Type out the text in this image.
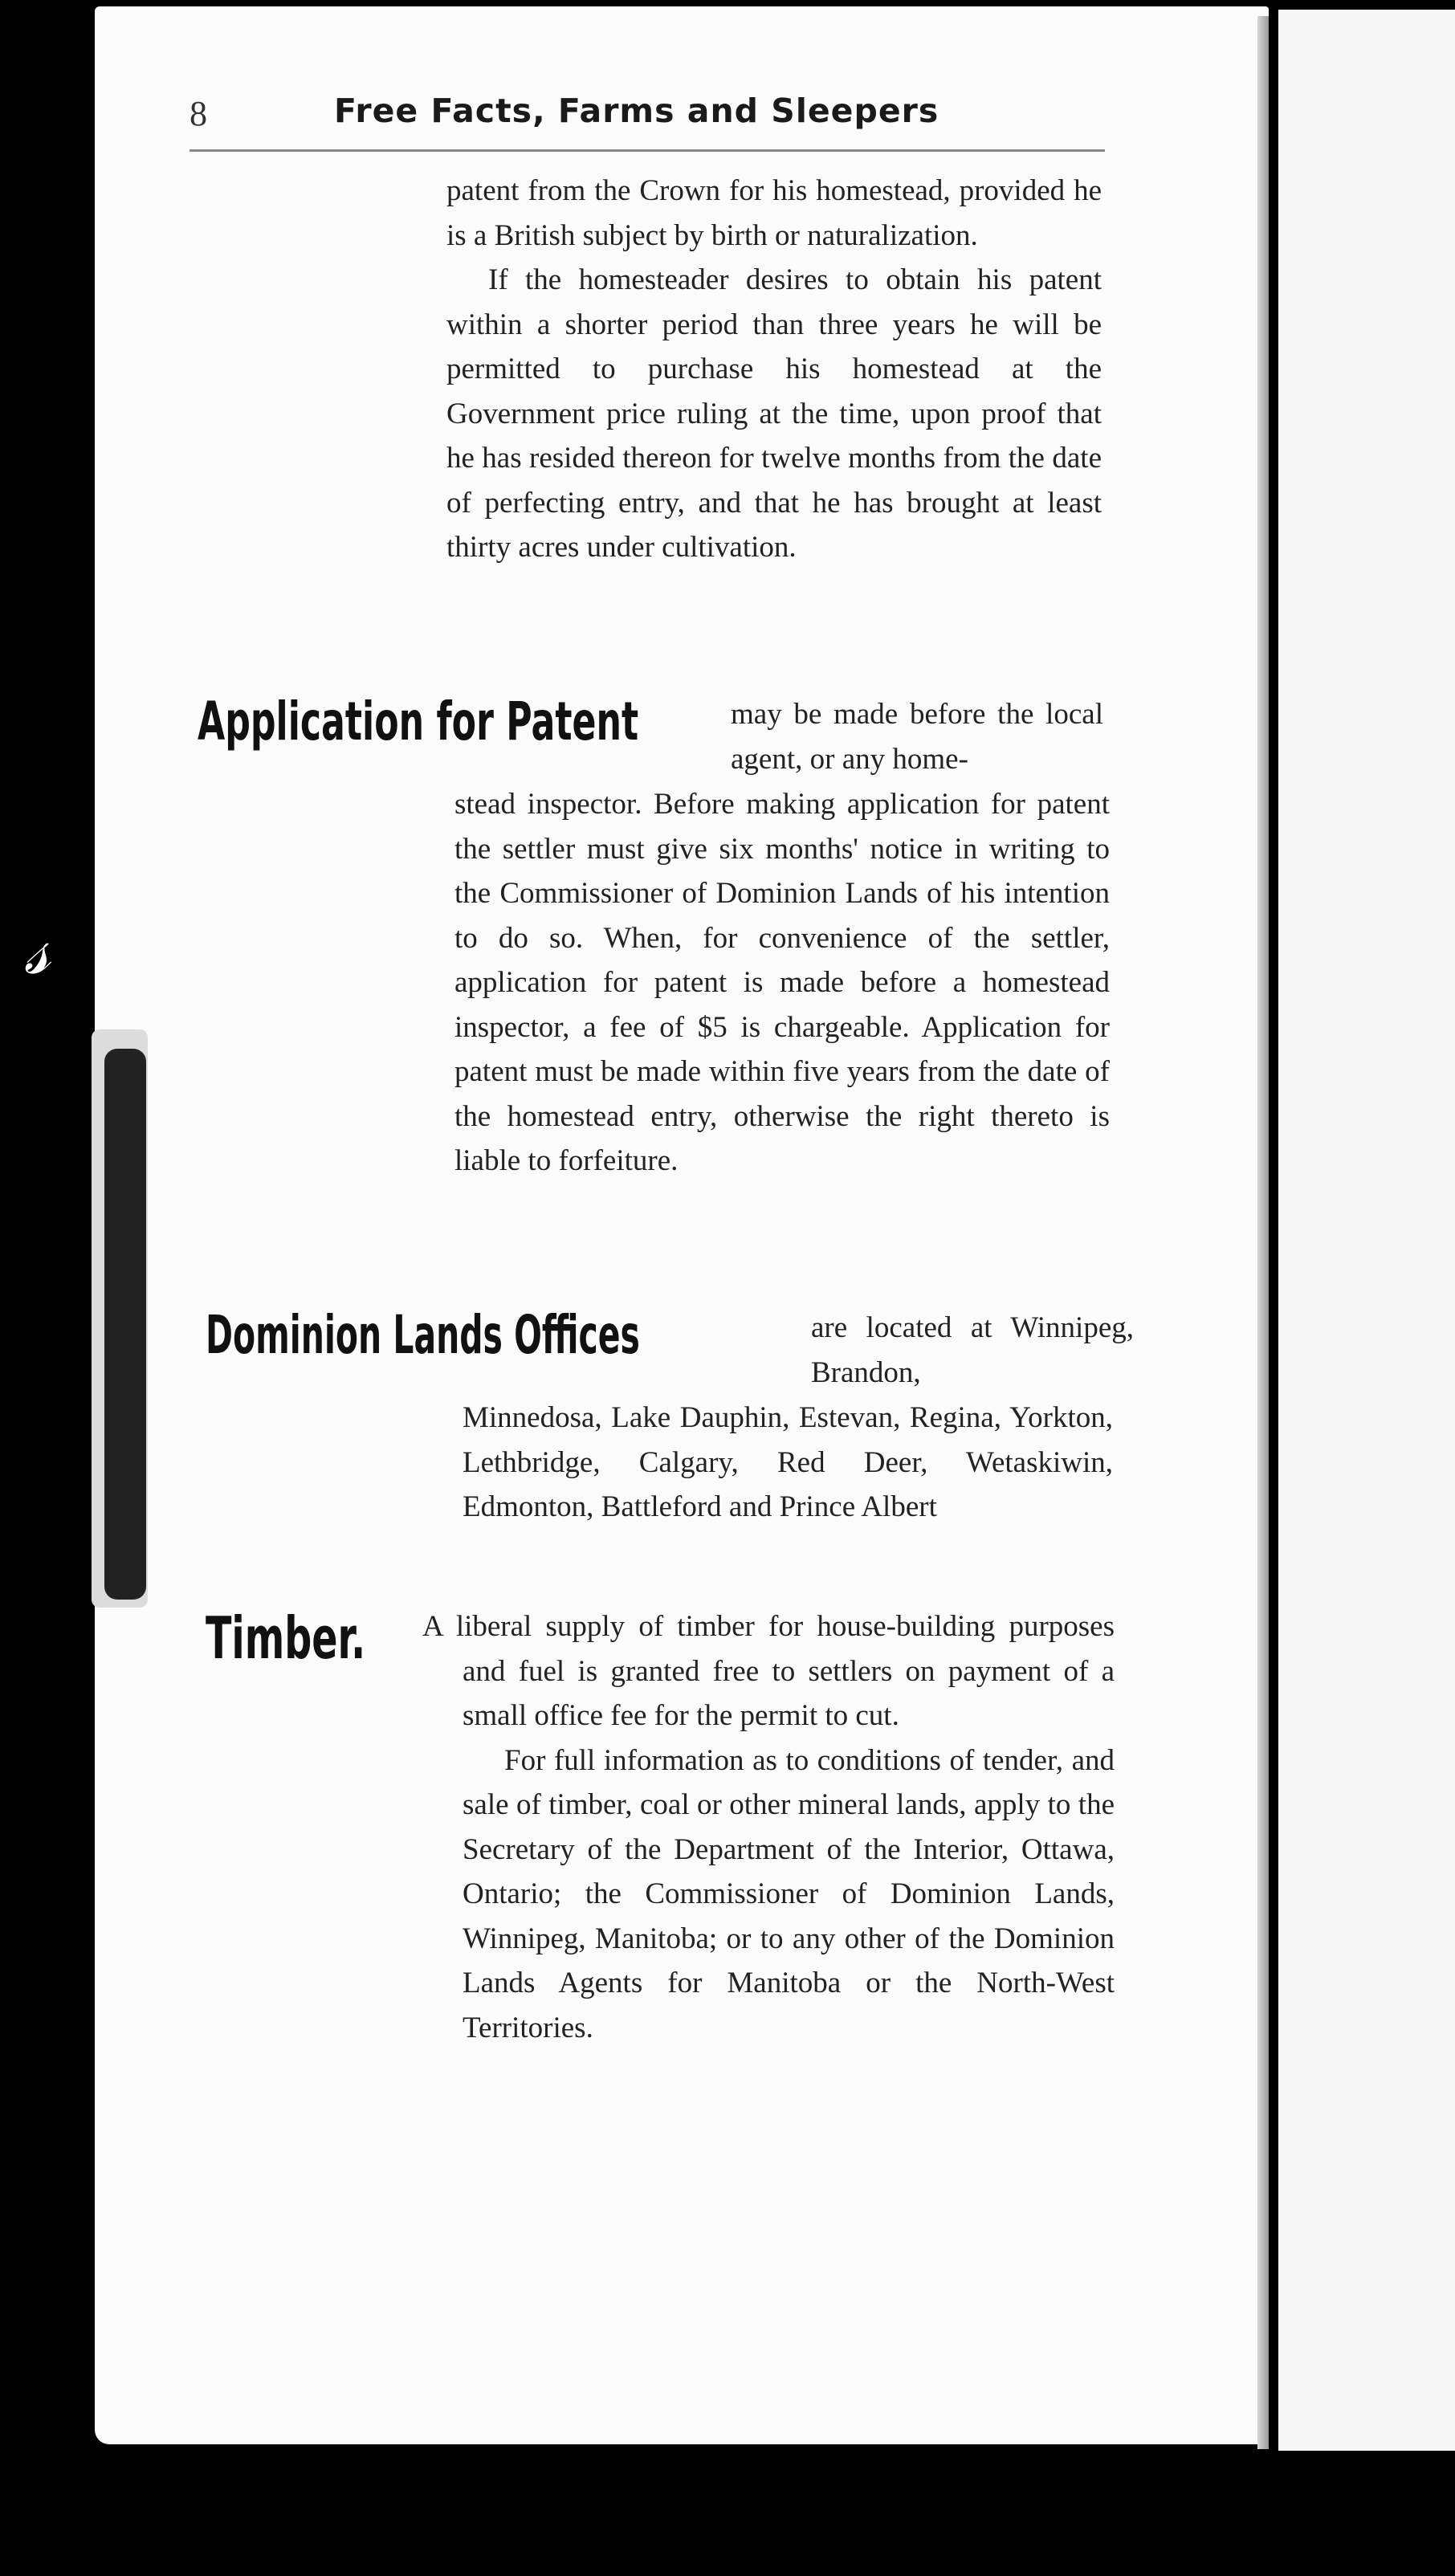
𝓈
8	Free Facts, Farms and Sleepers

patent from the Crown for his homestead, provided he is a British subject by birth or naturalization.

If the homesteader desires to obtain his patent within a shorter period than three years he will be permitted to purchase his homestead at the Government price ruling at the time, upon proof that he has resided thereon for twelve months from the date of perfecting entry, and that he has brought at least thirty acres under cultivation.

Application for Patent	may be made before the local agent, or any home-
stead inspector. Before making application for patent the settler must give six months' notice in writing to the Commissioner of Dominion Lands of his intention to do so. When, for convenience of the settler, application for patent is made before a homestead inspector, a fee of $5 is chargeable. Application for patent must be made within five years from the date of the homestead entry, otherwise the right thereto is liable to forfeiture.
Dominion Lands Offices	are located at Winnipeg, Brandon,
Minnedosa, Lake Dauphin, Estevan, Regina, Yorkton, Lethbridge, Calgary, Red Deer, Wetaskiwin, Edmonton, Battleford and Prince Albert
Timber. A liberal supply of timber for house-building purposes and fuel is granted free to settlers on payment of a small office fee for the permit to cut.

For full information as to conditions of tender, and sale of timber, coal or other mineral lands, apply to the Secretary of the Department of the Interior, Ottawa, Ontario; the Commissioner of Dominion Lands, Winnipeg, Manitoba; or to any other of the Dominion Lands Agents for Manitoba or the North-West Territories.
